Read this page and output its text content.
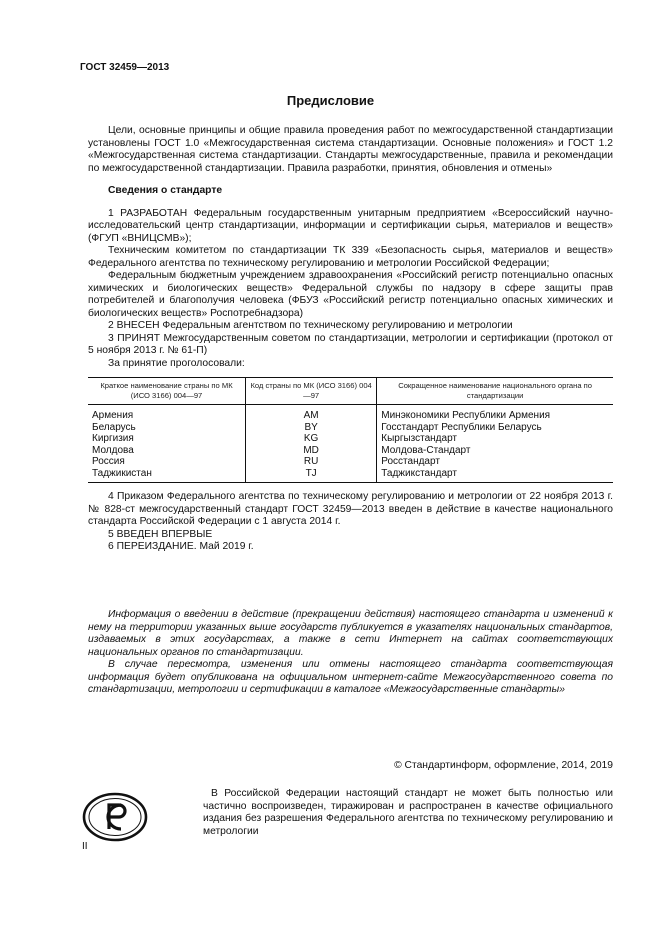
ГОСТ 32459—2013
Предисловие

Цели, основные принципы и общие правила проведения работ по межгосударственной стандартизации установлены ГОСТ 1.0 «Межгосударственная система стандартизации. Основные положения» и ГОСТ 1.2 «Межгосударственная система стандартизации. Стандарты межгосударственные, правила и рекомендации по межгосударственной стандартизации. Правила разработки, принятия, обновления и отмены»

Сведения о стандарте

1 РАЗРАБОТАН Федеральным государственным унитарным предприятием «Всероссийский научно-исследовательский центр стандартизации, информации и сертификации сырья, материалов и веществ» (ФГУП «ВНИЦСМВ»);

Техническим комитетом по стандартизации ТК 339 «Безопасность сырья, материалов и веществ» Федерального агентства по техническому регулированию и метрологии Российской Федерации;

Федеральным бюджетным учреждением здравоохранения «Российский регистр потенциально опасных химических и биологических веществ» Федеральной службы по надзору в сфере защиты прав потребителей и благополучия человека (ФБУЗ «Российский регистр потенциально опасных химических и биологических веществ» Роспотребнадзора)

2 ВНЕСЕН Федеральным агентством по техническому регулированию и метрологии

3 ПРИНЯТ Межгосударственным советом по стандартизации, метрологии и сертификации (протокол от 5 ноября 2013 г. № 61-П)

За принятие проголосовали:

Краткое наименование страны по МК (ИСО 3166) 004—97	Код страны по МК (ИСО 3166) 004—97	Сокращенное наименование национального органа по стандартизации
Армения	AM	Минэкономики Республики Армения
Беларусь	BY	Госстандарт Республики Беларусь
Киргизия	KG	Кыргызстандарт
Молдова	MD	Молдова-Стандарт
Россия	RU	Росстандарт
Таджикистан	TJ	Таджикстандарт

4 Приказом Федерального агентства по техническому регулированию и метрологии от 22 ноября 2013 г. № 828-ст межгосударственный стандарт ГОСТ 32459—2013 введен в действие в качестве национального стандарта Российской Федерации с 1 августа 2014 г.

5 ВВЕДЕН ВПЕРВЫЕ

6 ПЕРЕИЗДАНИЕ. Май 2019 г.

Информация о введении в действие (прекращении действия) настоящего стандарта и изменений к нему на территории указанных выше государств публикуется в указателях национальных стандартов, издаваемых в этих государствах, а также в сети Интернет на сайтах соответствующих национальных органов по стандартизации.

В случае пересмотра, изменения или отмены настоящего стандарта соответствующая информация будет опубликована на официальном интернет-сайте Межгосударственного совета по стандартизации, метрологии и сертификации в каталоге «Межгосударственные стандарты»

© Стандартинформ, оформление, 2014, 2019

В Российской Федерации настоящий стандарт не может быть полностью или частично воспроизведен, тиражирован и распространен в качестве официального издания без разрешения Федерального агентства по техническому регулированию и метрологии

II
